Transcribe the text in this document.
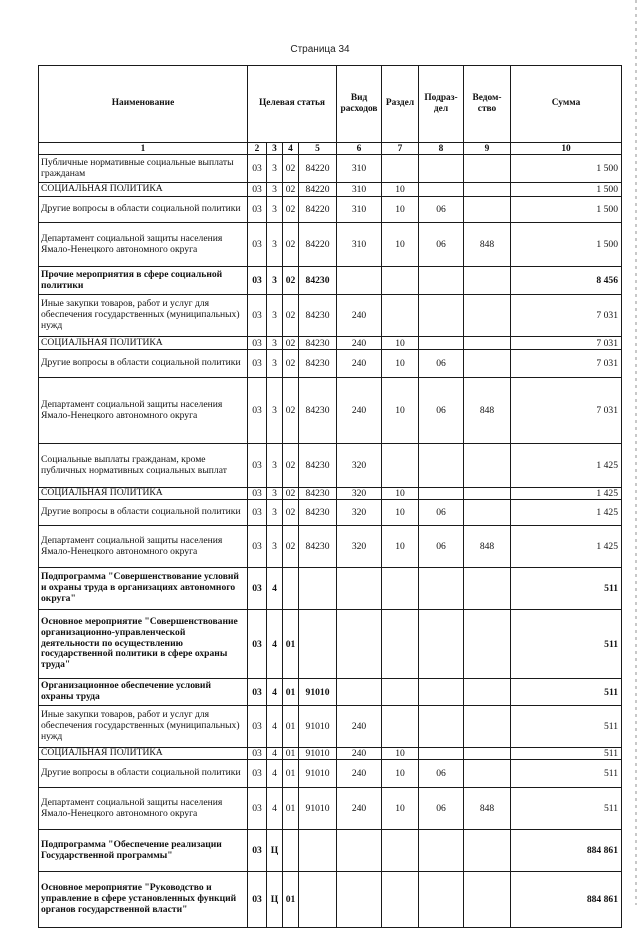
Страница 34
Наименование	Целевая статья				Вид расходов	Раздел	Подраз-дел	Ведом-ство	Сумма
1	2	3	4	5	6	7	8	9	10
Публичные нормативные социальные выплаты гражданам	03	3	02	84220	310				1 500
СОЦИАЛЬНАЯ ПОЛИТИКА	03	3	02	84220	310	10			1 500
Другие вопросы в области социальной политики	03	3	02	84220	310	10	06		1 500
Департамент социальной защиты населения Ямало-Ненецкого автономного округа	03	3	02	84220	310	10	06	848	1 500
Прочие мероприятия в сфере социальной политики	03	3	02	84230					8 456
Иные закупки товаров, работ и услуг для обеспечения государственных (муниципальных) нужд	03	3	02	84230	240				7 031
СОЦИАЛЬНАЯ ПОЛИТИКА	03	3	02	84230	240	10			7 031
Другие вопросы в области социальной политики	03	3	02	84230	240	10	06		7 031
Департамент социальной защиты населения Ямало-Ненецкого автономного округа	03	3	02	84230	240	10	06	848	7 031
Социальные выплаты гражданам, кроме публичных нормативных социальных выплат	03	3	02	84230	320				1 425
СОЦИАЛЬНАЯ ПОЛИТИКА	03	3	02	84230	320	10			1 425
Другие вопросы в области социальной политики	03	3	02	84230	320	10	06		1 425
Департамент социальной защиты населения Ямало-Ненецкого автономного округа	03	3	02	84230	320	10	06	848	1 425
Подпрограмма "Совершенствование условий и охраны труда в организациях автономного округа"	03	4							511
Основное мероприятие "Совершенствование организационно-управленческой деятельности по осуществлению государственной политики в сфере охраны труда"	03	4	01						511
Организационное обеспечение условий охраны труда	03	4	01	91010					511
Иные закупки товаров, работ и услуг для обеспечения государственных (муниципальных) нужд	03	4	01	91010	240				511
СОЦИАЛЬНАЯ ПОЛИТИКА	03	4	01	91010	240	10			511
Другие вопросы в области социальной политики	03	4	01	91010	240	10	06		511
Департамент социальной защиты населения Ямало-Ненецкого автономного округа	03	4	01	91010	240	10	06	848	511
Подпрограмма "Обеспечение реализации Государственной программы"	03	Ц							884 861
Основное мероприятие "Руководство и управление в сфере установленных функций органов государственной власти"	03	Ц	01						884 861
